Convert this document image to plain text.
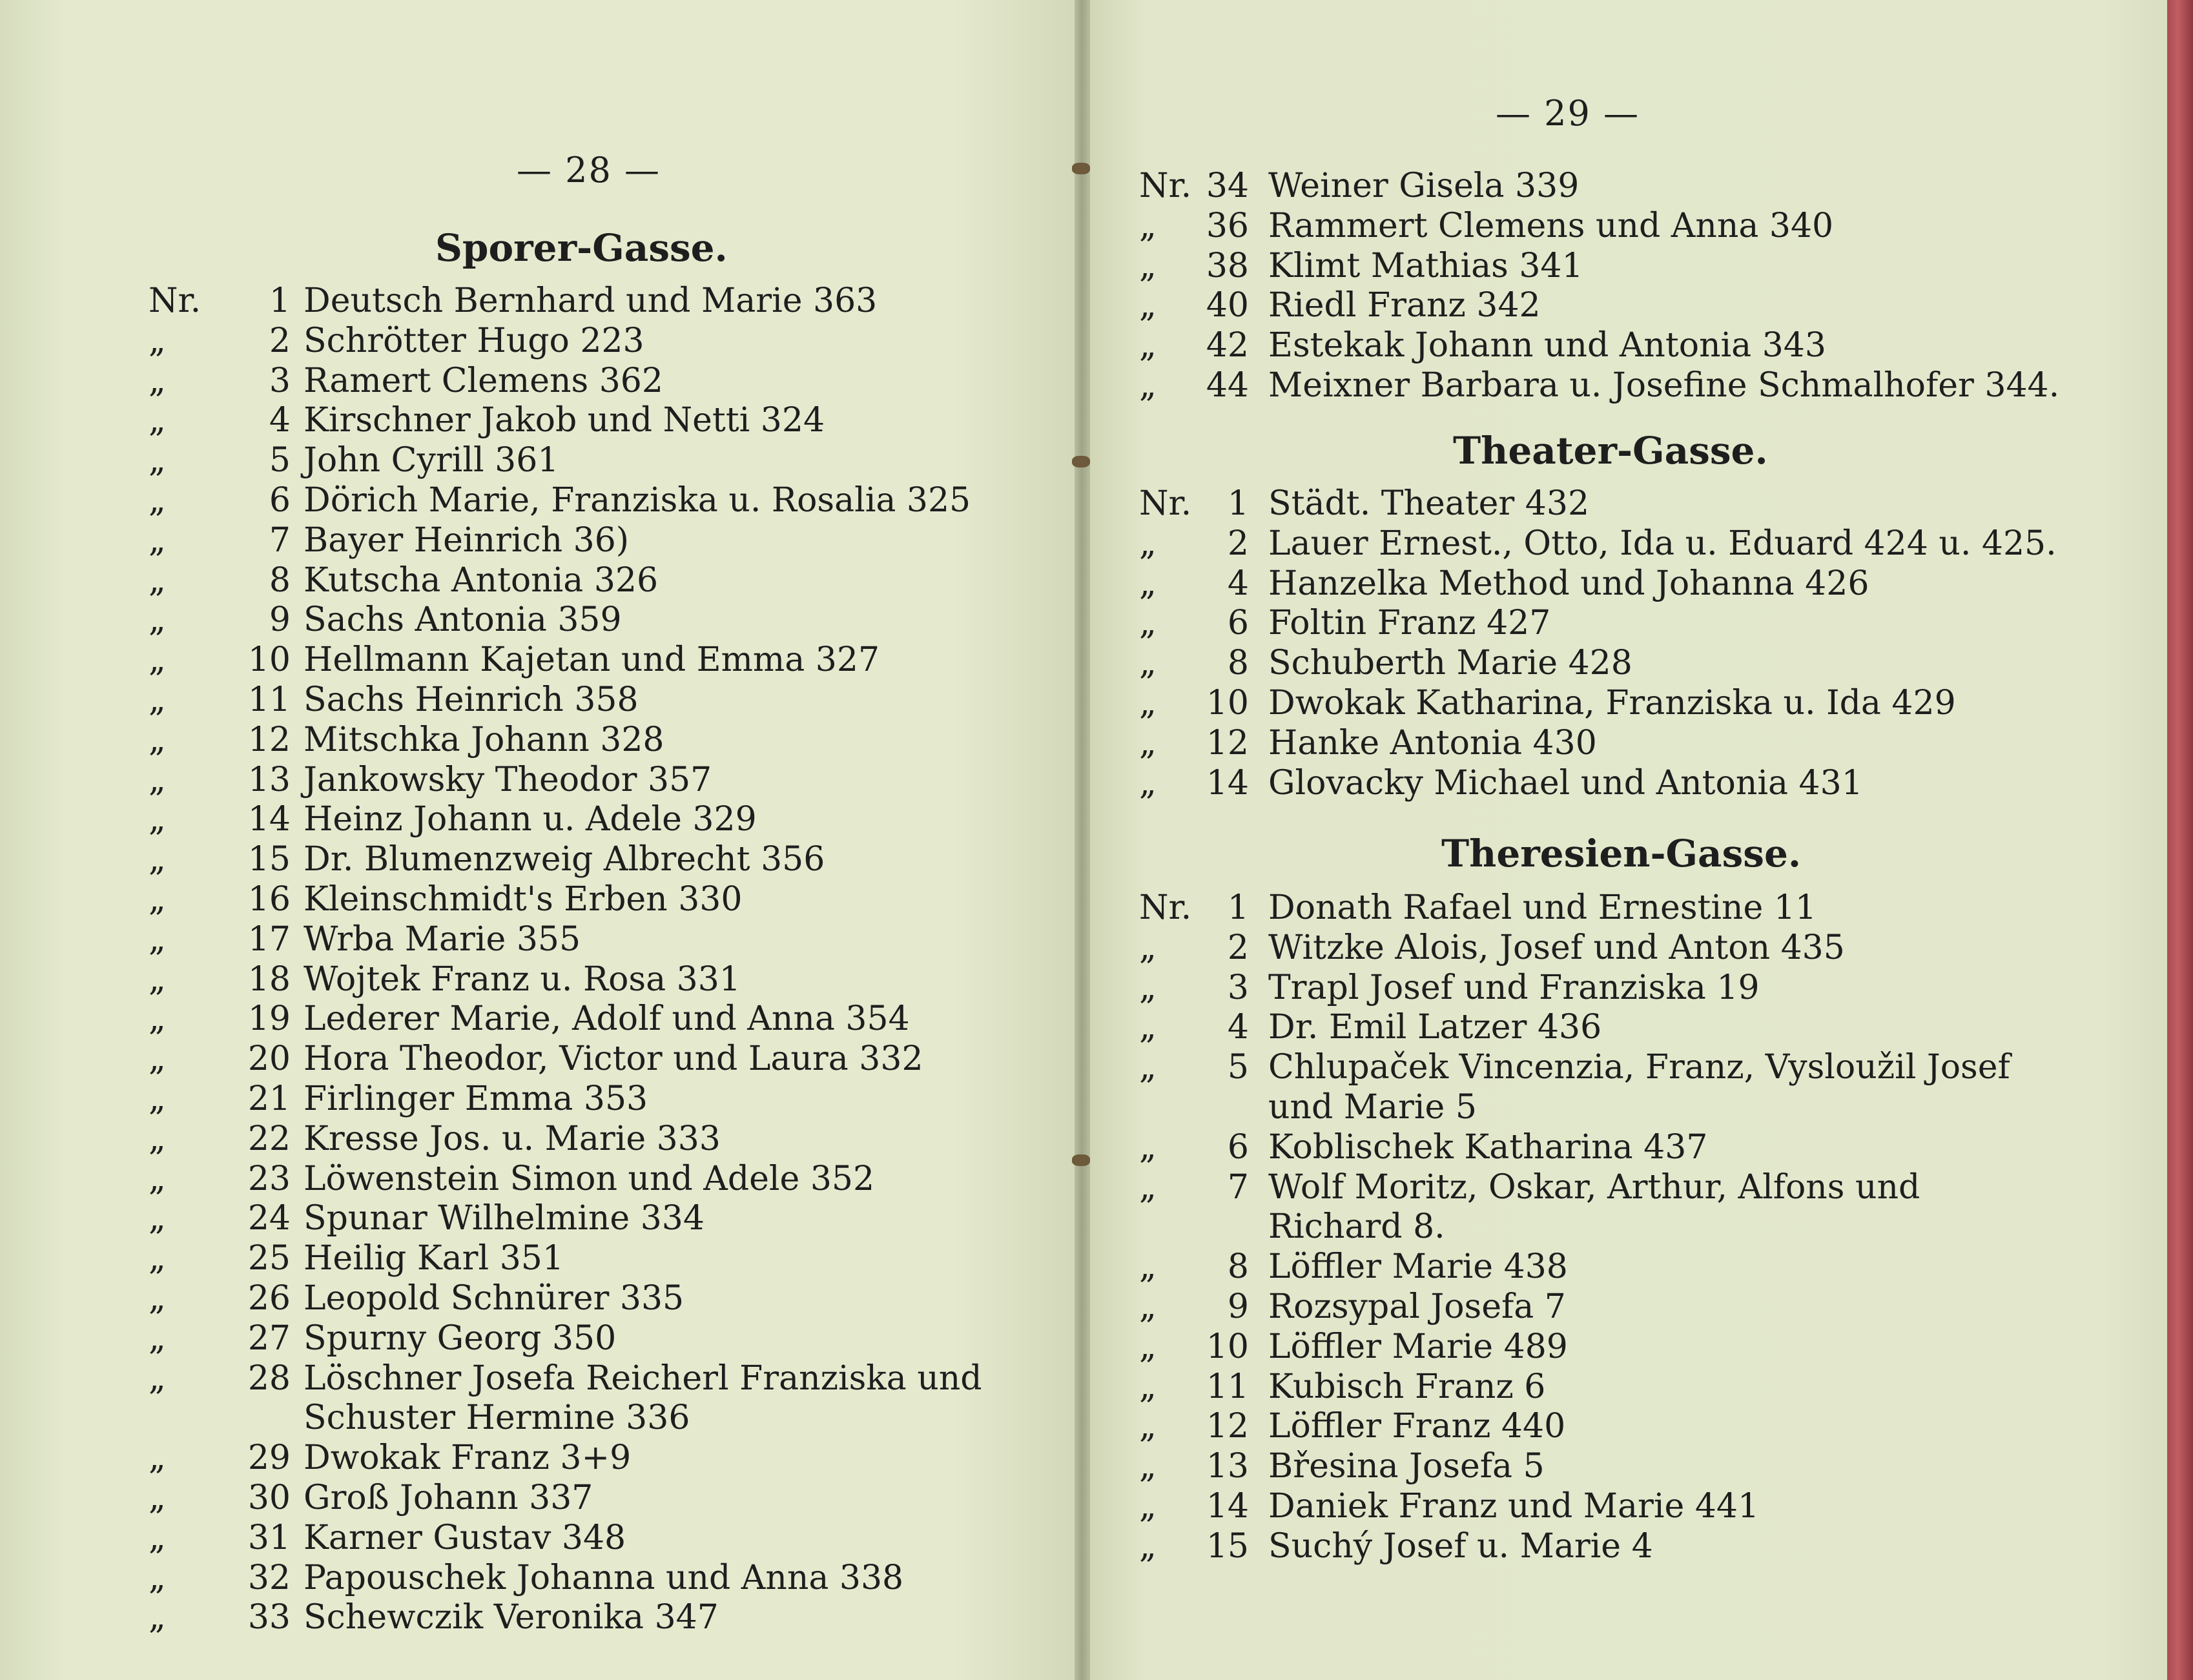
— 28 —
Sporer-Gasse.
Nr.	1 Deutsch Bernhard und Marie 363
„	2 Schrötter Hugo 223
„	3 Ramert Clemens 362
„	4 Kirschner Jakob und Netti 324
„	5 John Cyrill 361
„	6 Dörich Marie, Franziska u. Rosalia 325
„	7 Bayer Heinrich 36)
„	8 Kutscha Antonia 326
„	9 Sachs Antonia 359
„	10 Hellmann Kajetan und Emma 327
„	11 Sachs Heinrich 358
„	12 Mitschka Johann 328
„	13 Jankowsky Theodor 357
„	14 Heinz Johann u. Adele 329
„	15 Dr. Blumenzweig Albrecht 356
„	16 Kleinschmidt's Erben 330
„	17 Wrba Marie 355
„	18 Wojtek Franz u. Rosa 331
„	19 Lederer Marie, Adolf und Anna 354
„	20 Hora Theodor, Victor und Laura 332
„	21 Firlinger Emma 353
„	22 Kresse Jos. u. Marie 333
„	23 Löwenstein Simon und Adele 352
„	24 Spunar Wilhelmine 334
„	25 Heilig Karl 351
„	26 Leopold Schnürer 335
„	27 Spurny Georg 350
„	28 Löschner Josefa Reicherl Franziska und
Schuster Hermine 336
„	29 Dwokak Franz 3+9
„	30 Groß Johann 337
„	31 Karner Gustav 348
„	32 Papouschek Johanna und Anna 338
„	33 Schewczik Veronika 347
— 29 —
Nr. 34 Weiner Gisela 339
„	36 Rammert Clemens und Anna 340
„	38 Klimt Mathias 341
„	40 Riedl Franz 342
„	42 Estekak Johann und Antonia 343
„	44 Meixner Barbara u. Josefine Schmalhofer 344.
Theater-Gasse.
Nr.	1 Städt. Theater 432
„	2 Lauer Ernest., Otto, Ida u. Eduard 424 u. 425.
„	4 Hanzelka Method und Johanna 426
„	6 Foltin Franz 427
„	8 Schuberth Marie 428
„	10 Dwokak Katharina, Franziska u. Ida 429
„	12 Hanke Antonia 430
„	14 Glovacky Michael und Antonia 431
Theresien-Gasse.
Nr.	1 Donath Rafael und Ernestine 11
„	2 Witzke Alois, Josef und Anton 435
„	3 Trapl Josef und Franziska 19
„	4 Dr. Emil Latzer 436
„	5 Chlupaček Vincenzia, Franz, Vysloužil Josef
und Marie 5
„	6 Koblischek Katharina 437
„	7 Wolf Moritz, Oskar, Arthur, Alfons und
Richard 8.
„	8 Löffler Marie 438
„	9 Rozsypal Josefa 7
„	10 Löffler Marie 489
„	11 Kubisch Franz 6
„	12 Löffler Franz 440
„	13 Břesina Josefa 5
„	14 Daniek Franz und Marie 441
„	15 Suchý Josef u. Marie 4
